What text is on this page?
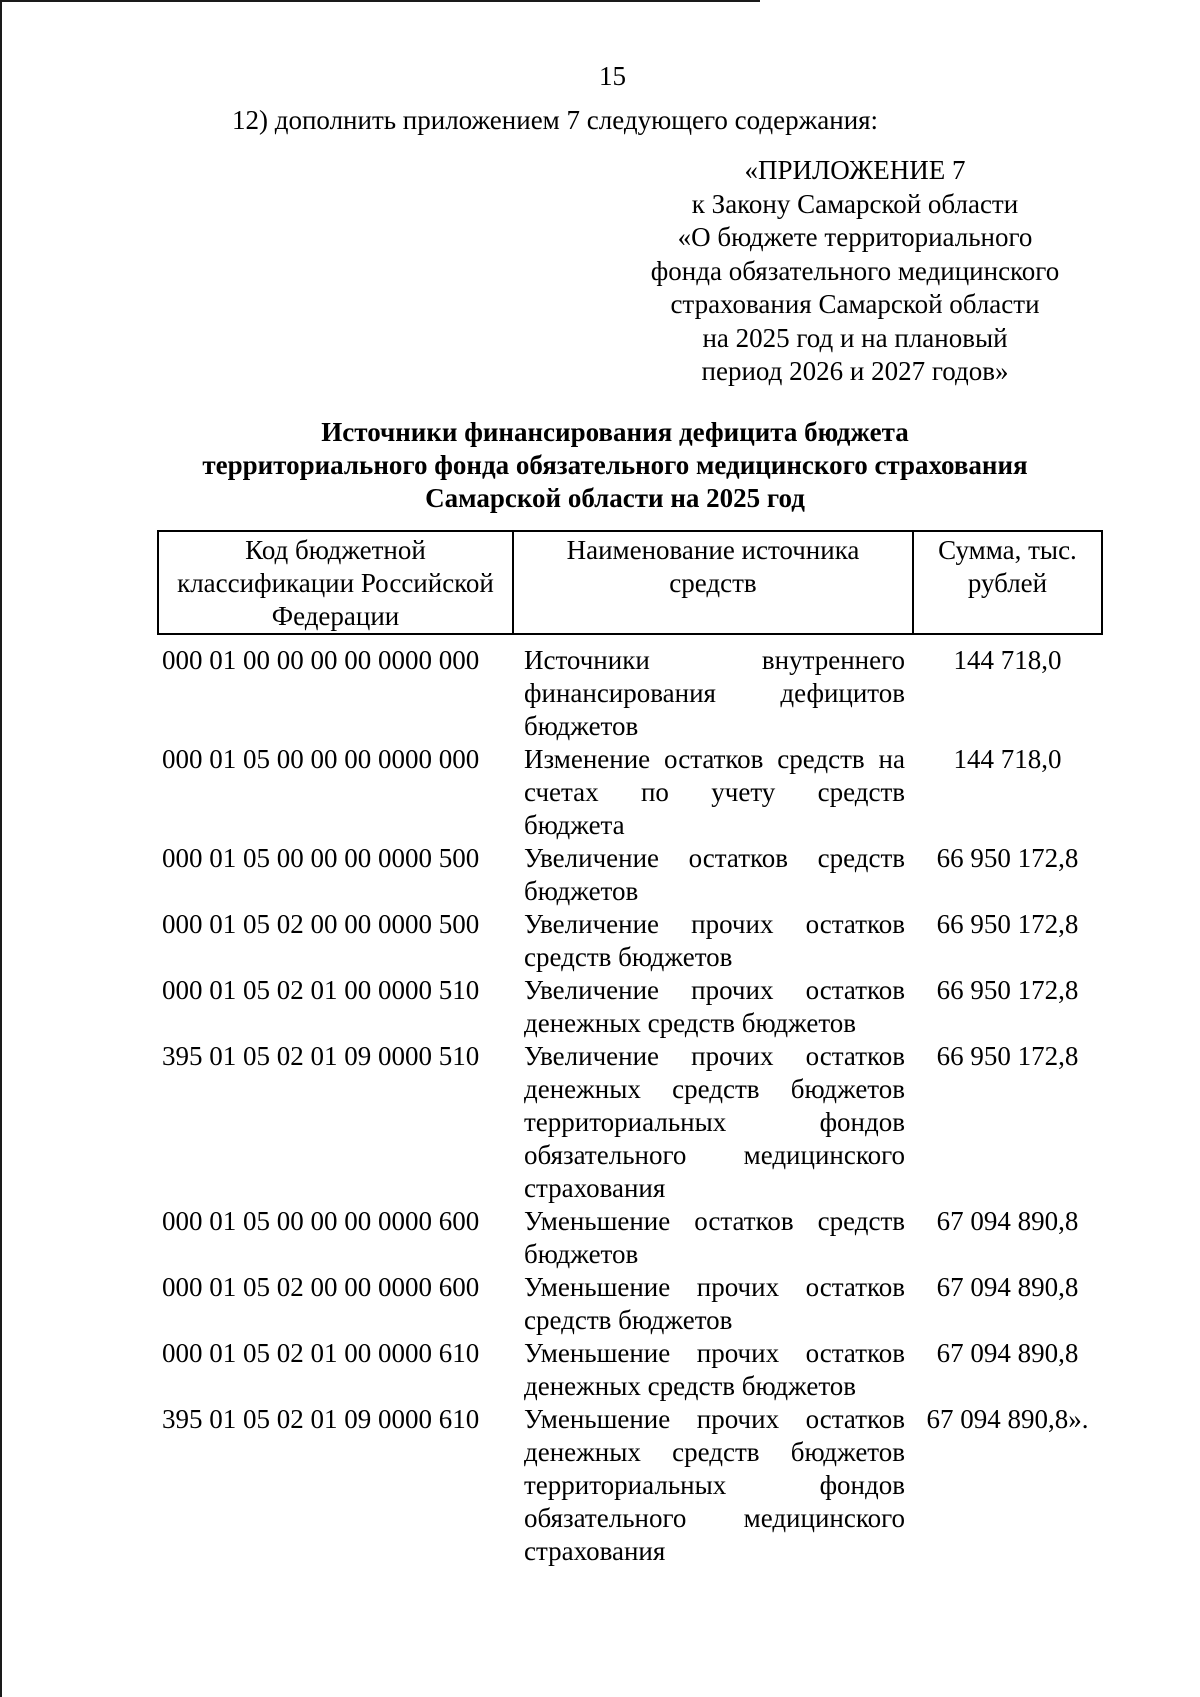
15
12) дополнить приложением 7 следующего содержания:
«ПРИЛОЖЕНИЕ 7
к Закону Самарской области
«О бюджете территориального
фонда обязательного медицинского
страхования Самарской области
на 2025 год и на плановый
период 2026 и 2027 годов»
Источники финансирования дефицита бюджета
территориального фонда обязательного медицинского страхования
Самарской области на 2025 год
Код бюджетной классификации Российской Федерации	Наименование источника средств	Сумма, тыс. рублей
000 01 00 00 00 00 0000 000	Источники внутреннего финансирования дефицитов бюджетов	144 718,0
000 01 05 00 00 00 0000 000	Изменение остатков средств на счетах по учету средств бюджета	144 718,0
000 01 05 00 00 00 0000 500	Увеличение остатков средств бюджетов	66 950 172,8
000 01 05 02 00 00 0000 500	Увеличение прочих остатков средств бюджетов	66 950 172,8
000 01 05 02 01 00 0000 510	Увеличение прочих остатков денежных средств бюджетов	66 950 172,8
395 01 05 02 01 09 0000 510	Увеличение прочих остатков денежных средств бюджетов территориальных фондов обязательного медицинского страхования	66 950 172,8
000 01 05 00 00 00 0000 600	Уменьшение остатков средств бюджетов	67 094 890,8
000 01 05 02 00 00 0000 600	Уменьшение прочих остатков средств бюджетов	67 094 890,8
000 01 05 02 01 00 0000 610	Уменьшение прочих остатков денежных средств бюджетов	67 094 890,8
395 01 05 02 01 09 0000 610	Уменьшение прочих остатков денежных средств бюджетов территориальных фондов обязательного медицинского страхования	67 094 890,8».
